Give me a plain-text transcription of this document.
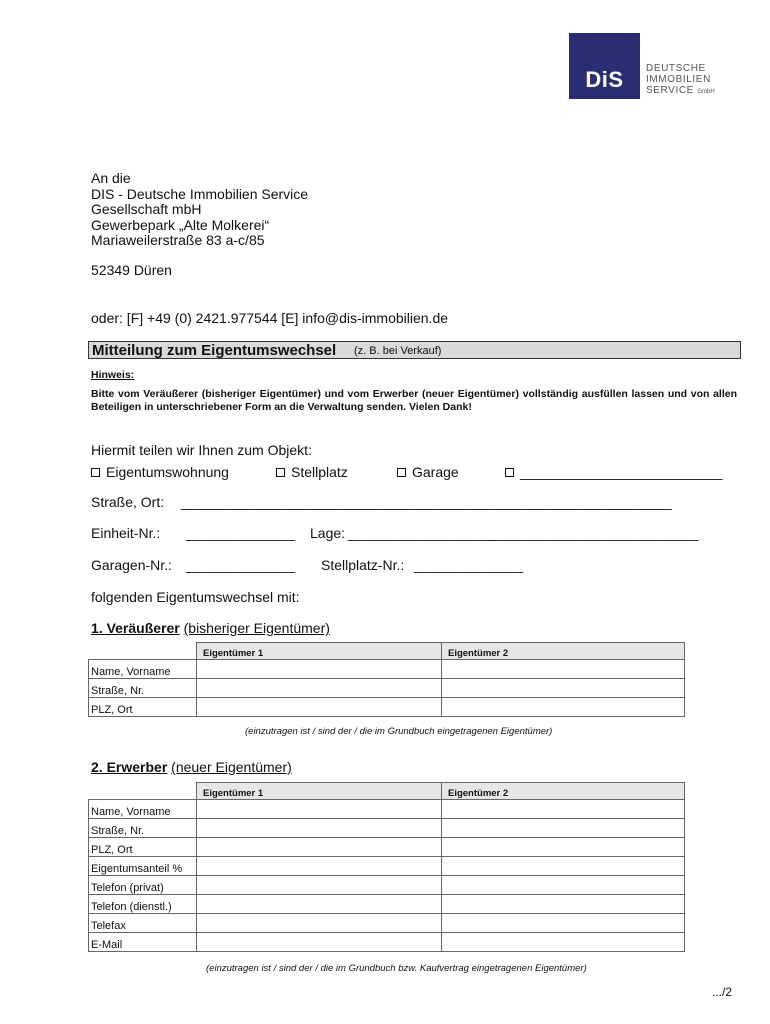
DiS	DEUTSCHE
IMMOBILIEN
SERVICE GmbH
An die
DIS - Deutsche Immobilien Service
Gesellschaft mbH
Gewerbepark „Alte Molkerei“
Mariaweilerstraße 83 a-c/85
52349 Düren
oder: [F] +49 (0) 2421.977544 [E] info@dis-immobilien.de
Mitteilung zum Eigentumswechsel (z. B. bei Verkauf)
Hinweis:
Bitte vom Veräußerer (bisheriger Eigentümer) und vom Erwerber (neuer Eigentümer) vollständig ausfüllen lassen und von allen Beteiligen in unterschriebener Form an die Verwaltung senden. Vielen Dank!
Hiermit teilen wir Ihnen zum Objekt:
Eigentumswohnung	Stellplatz	Garage	__________________________
Straße, Ort: _______________________________________________________________
Einheit-Nr.: ______________ Lage: _____________________________________________
Garagen-Nr.: ______________ Stellplatz-Nr.: ______________
folgenden Eigentumswechsel mit:
1. Veräußerer (bisheriger Eigentümer)
	Eigentümer 1	Eigentümer 2
Name, Vorname		
Straße, Nr.		
PLZ, Ort		
(einzutragen ist / sind der / die im Grundbuch eingetragenen Eigentümer)
2. Erwerber (neuer Eigentümer)
	Eigentümer 1	Eigentümer 2
Name, Vorname		
Straße, Nr.		
PLZ, Ort		
Eigentumsanteil %		
Telefon (privat)		
Telefon (dienstl.)		
Telefax		
E-Mail		
(einzutragen ist / sind der / die im Grundbuch bzw. Kaufvertrag eingetragenen Eigentümer)
.../2
